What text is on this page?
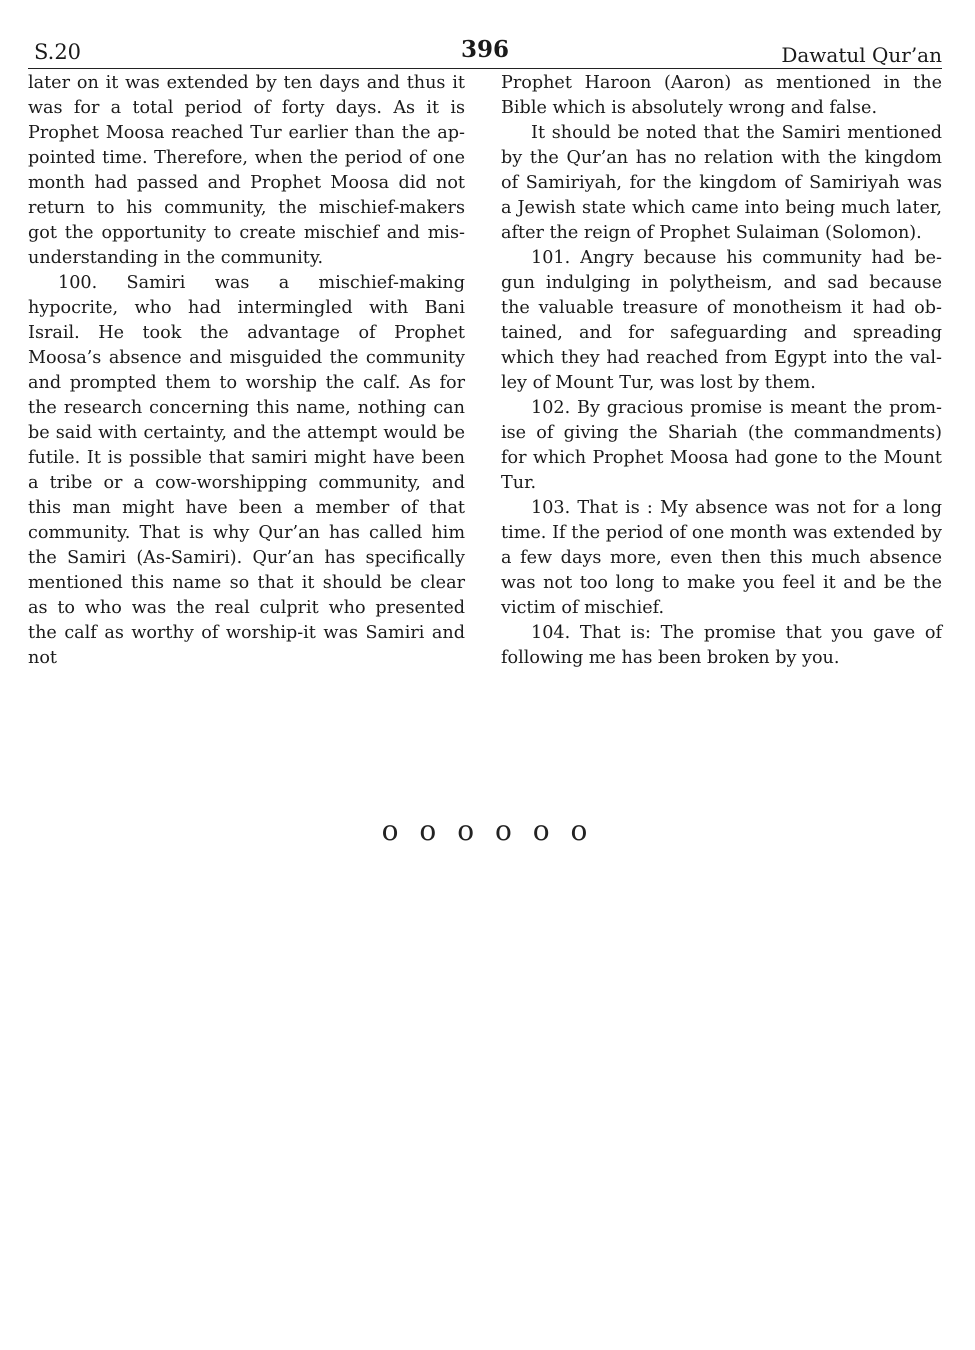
S.20	396	Dawatul Qur’an

later on it was extended by ten days and thus it was for a total period of forty days. As it is Prophet Moosa reached Tur earlier than the appointed time. Therefore, when the period of one month had passed and Prophet Moosa did not return to his community, the mischief-makers got the opportunity to create mischief and misunderstanding in the community.

100. Samiri was a mischief-making hypocrite, who had intermingled with Bani Israil. He took the advantage of Prophet Moosa’s absence and misguided the community and prompted them to worship the calf. As for the research concerning this name, nothing can be said with certainty, and the attempt would be futile. It is possible that samiri might have been a tribe or a cow-worshipping community, and this man might have been a member of that community. That is why Qur’an has called him the Samiri (As-Samiri). Qur’an has specifically mentioned this name so that it should be clear as to who was the real culprit who presented the calf as worthy of worship-it was Samiri and not

Prophet Haroon (Aaron) as mentioned in the Bible which is absolutely wrong and false.

It should be noted that the Samiri mentioned by the Qur’an has no relation with the kingdom of Samiriyah, for the kingdom of Samiriyah was a Jewish state which came into being much later, after the reign of Prophet Sulaiman (Solomon).

101. Angry because his community had begun indulging in polytheism, and sad because the valuable treasure of monotheism it had obtained, and for safeguarding and spreading which they had reached from Egypt into the valley of Mount Tur, was lost by them.

102. By gracious promise is meant the promise of giving the Shariah (the commandments) for which Prophet Moosa had gone to the Mount Tur.

103. That is : My absence was not for a long time. If the period of one month was extended by a few days more, even then this much absence was not too long to make you feel it and be the victim of mischief.

104. That is: The promise that you gave of following me has been broken by you.

o o o o o o
